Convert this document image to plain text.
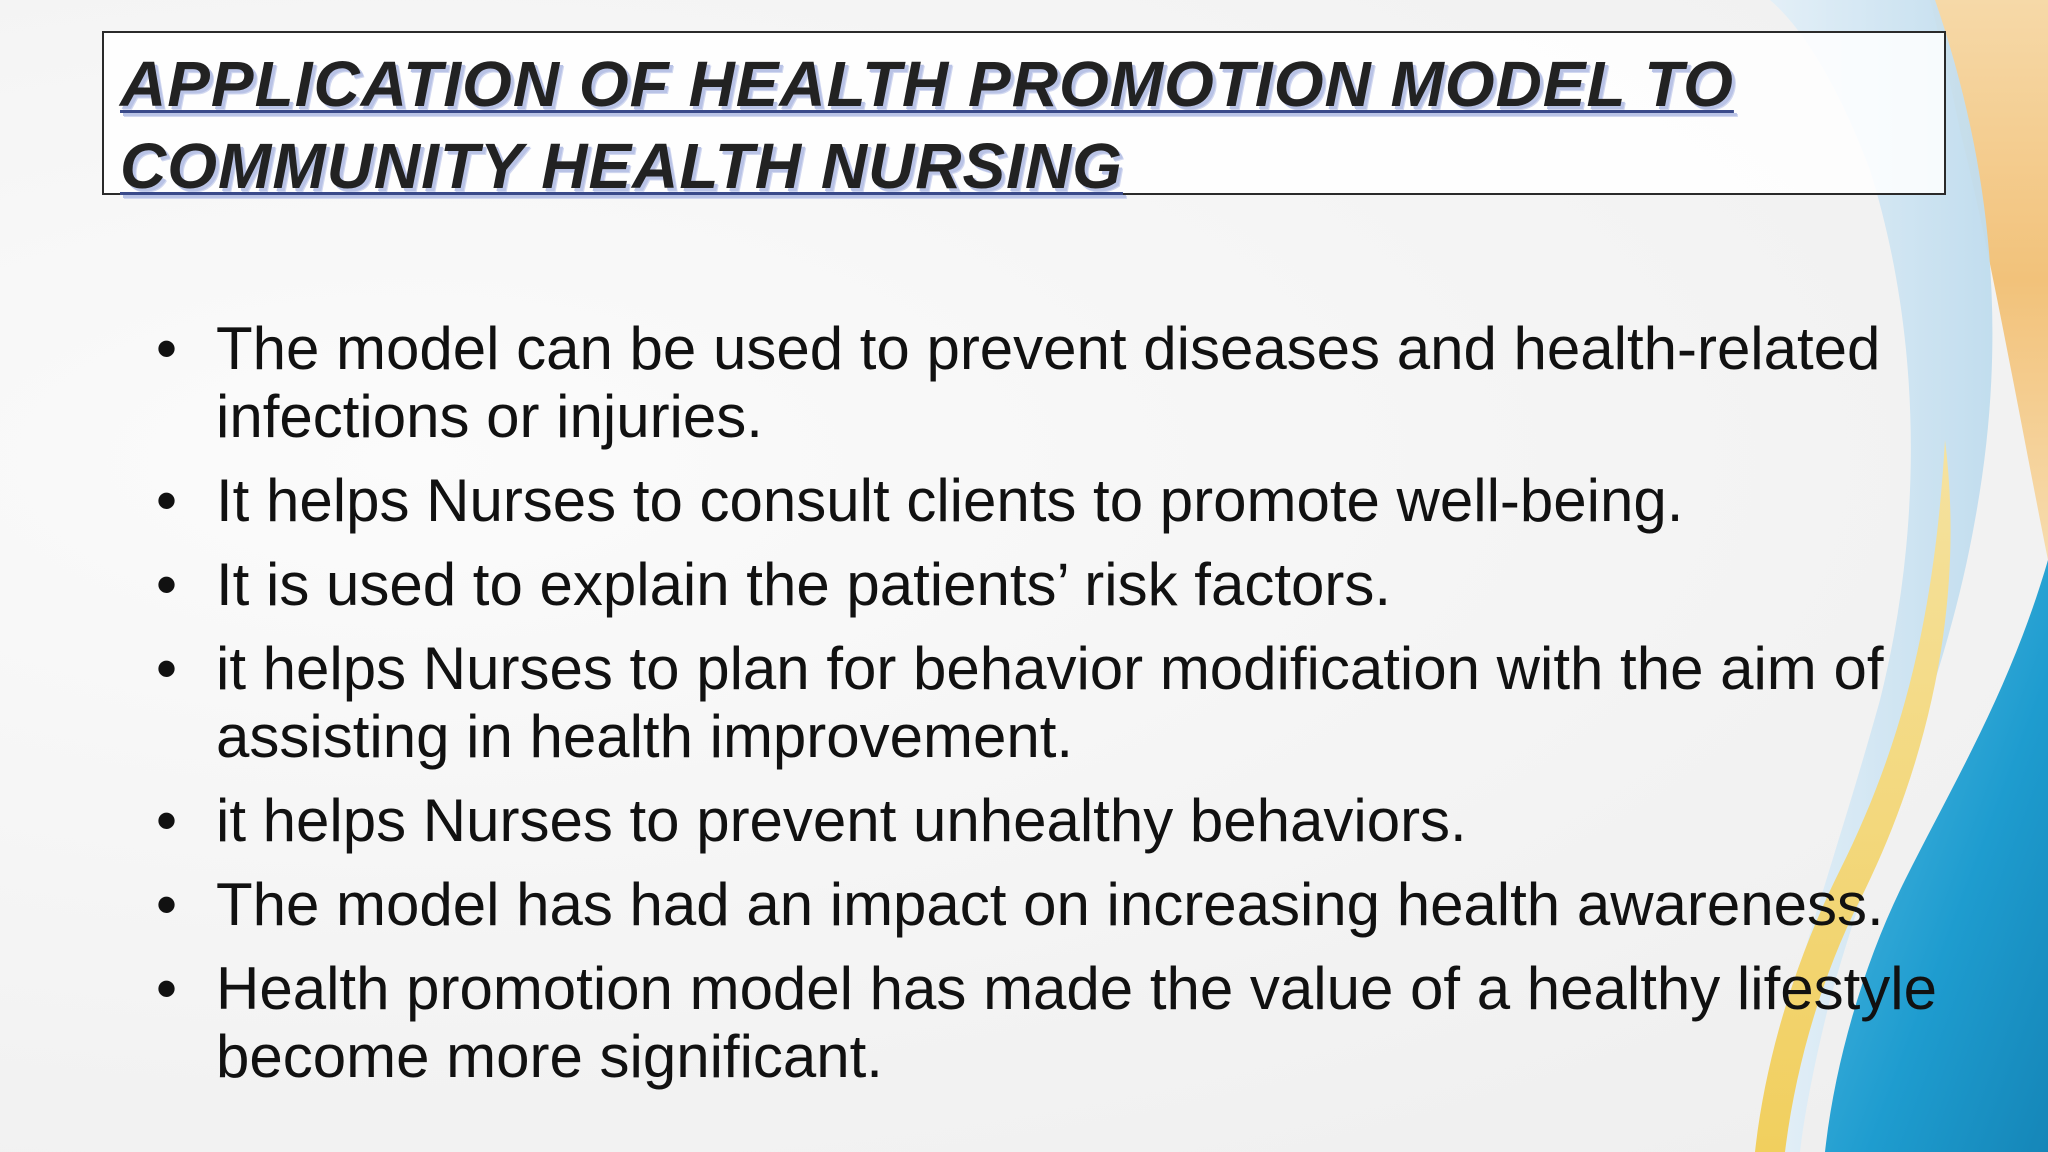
APPLICATION OF HEALTH PROMOTION MODEL TO

COMMUNITY HEALTH NURSING

• The model can be used to prevent diseases and health-related infections or injuries.
• It helps Nurses to consult clients to promote well-being.
• It is used to explain the patients’ risk factors.
• it helps Nurses to plan for behavior modification with the aim of assisting in health improvement.
• it helps Nurses to prevent unhealthy behaviors.
• The model has had an impact on increasing health awareness.
• Health promotion model has made the value of a healthy lifestyle become more significant.
